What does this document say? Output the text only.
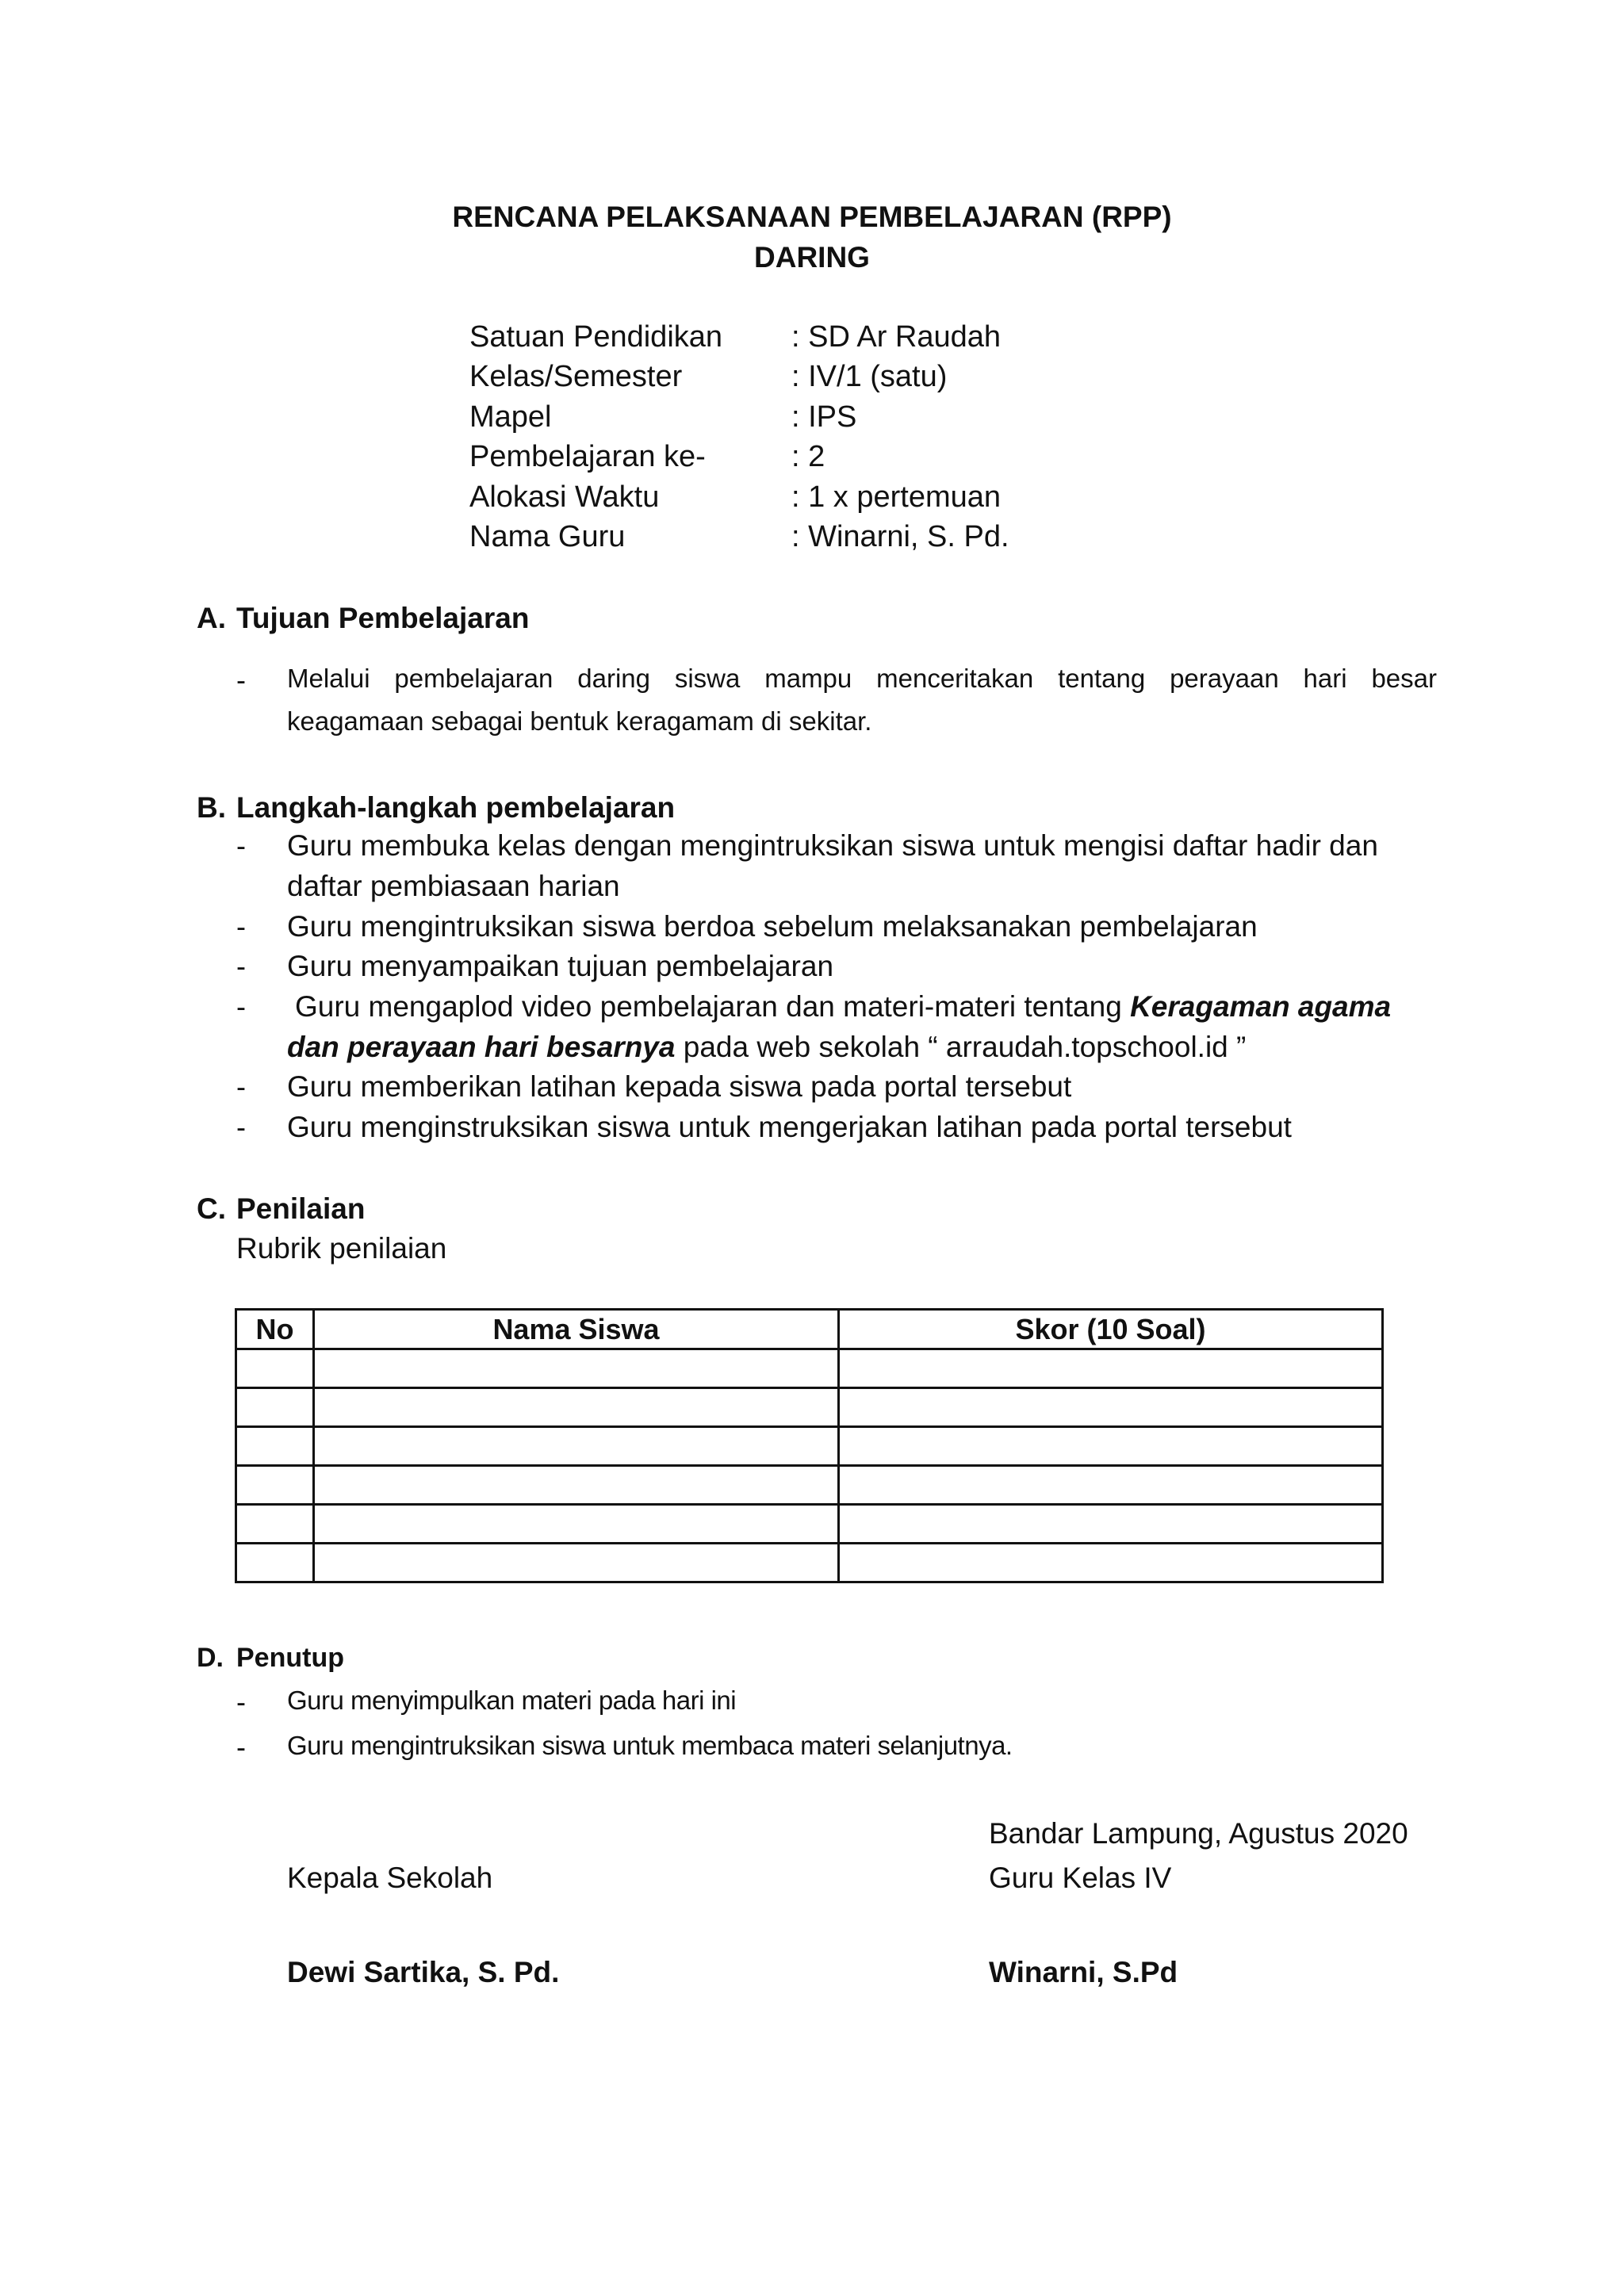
RENCANA PELAKSANAAN PEMBELAJARAN (RPP)
DARING
Satuan Pendidikan : SD Ar Raudah
Kelas/Semester	: IV/1 (satu)
Mapel	: IPS
Pembelajaran ke-	: 2
Alokasi Waktu	: 1 x pertemuan
Nama Guru	: Winarni, S. Pd.
A. Tujuan Pembelajaran
- Melalui pembelajaran daring siswa mampu menceritakan tentang perayaan hari besar
keagamaan sebagai bentuk keragamam di sekitar.
B. Langkah-langkah pembelajaran
- Guru membuka kelas dengan mengintruksikan siswa untuk mengisi daftar hadir dan
daftar pembiasaan harian
- Guru mengintruksikan siswa berdoa sebelum melaksanakan pembelajaran
- Guru menyampaikan tujuan pembelajaran
- Guru mengaplod video pembelajaran dan materi-materi tentang Keragaman agama
dan perayaan hari besarnya pada web sekolah “ arraudah.topschool.id ”
- Guru memberikan latihan kepada siswa pada portal tersebut
- Guru menginstruksikan siswa untuk mengerjakan latihan pada portal tersebut
C. Penilaian
Rubrik penilaian
No	Nama Siswa	Skor (10 Soal)

D. Penutup
- Guru menyimpulkan materi pada hari ini
- Guru mengintruksikan siswa untuk membaca materi selanjutnya.
Bandar Lampung, Agustus 2020
Kepala Sekolah	Guru Kelas IV
Dewi Sartika, S. Pd.	Winarni, S.Pd
